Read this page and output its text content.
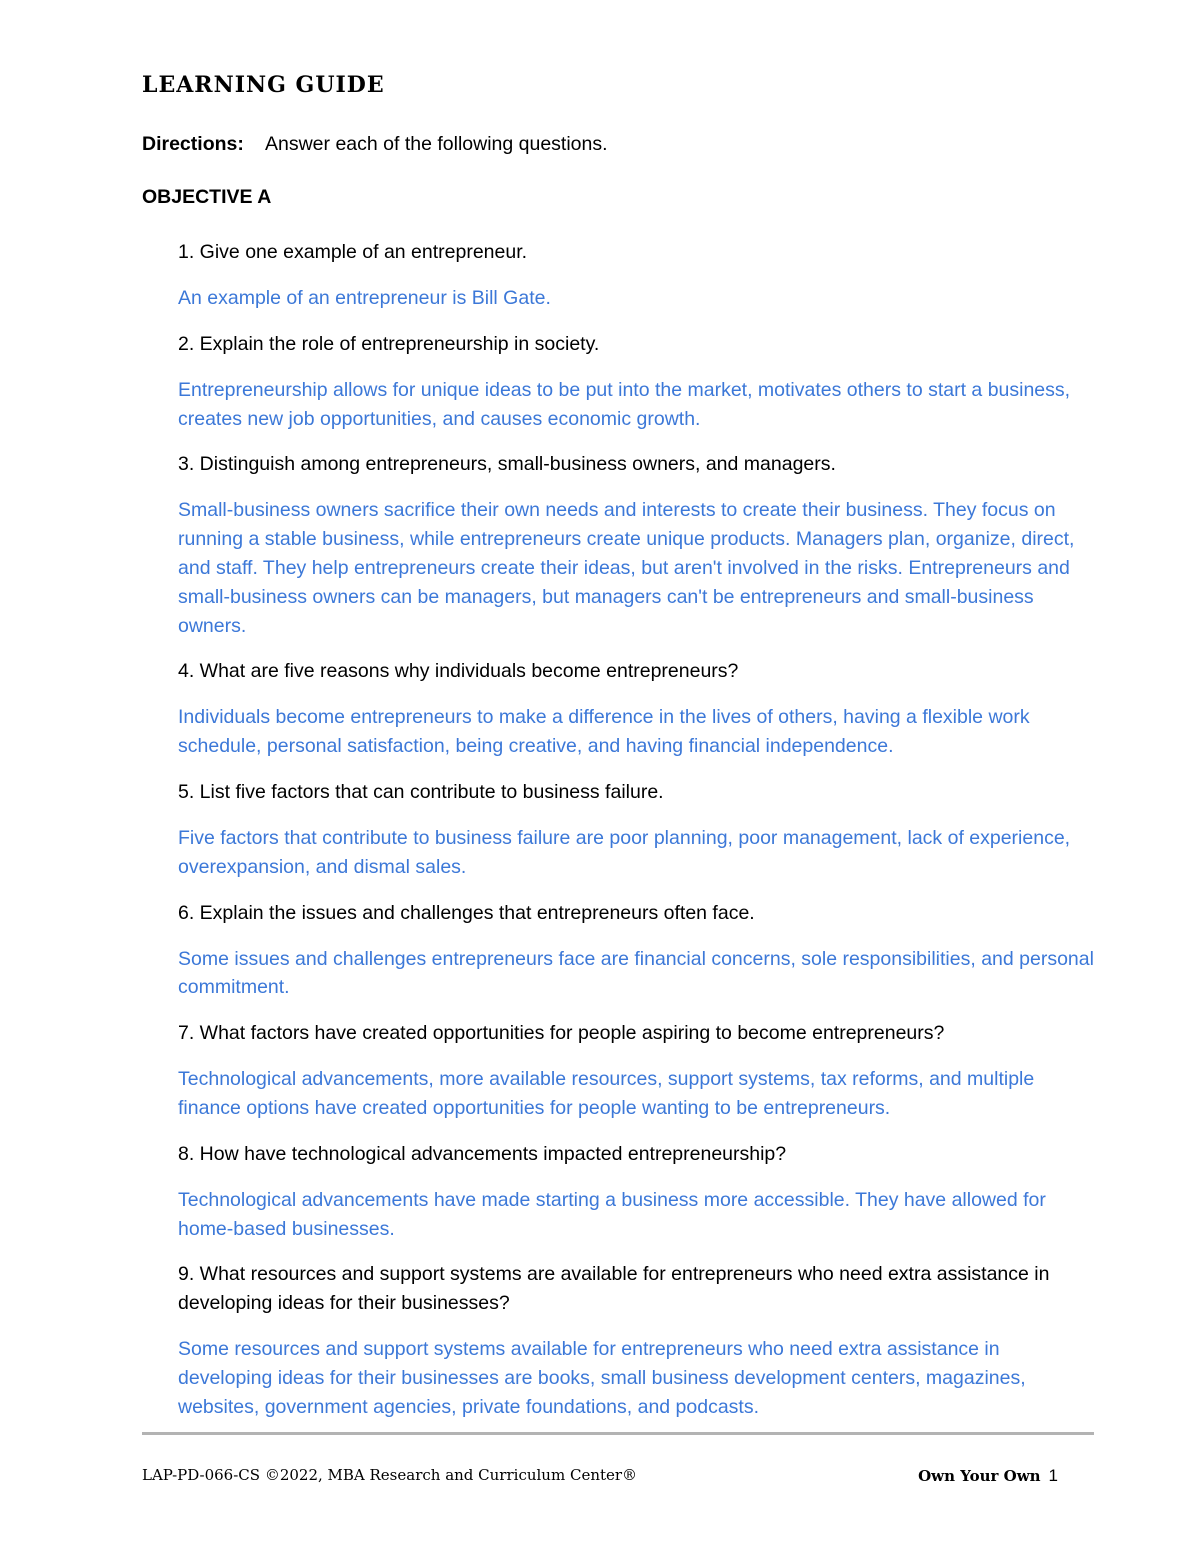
LEARNING GUIDE
Directions: Answer each of the following questions.
OBJECTIVE A

1. Give one example of an entrepreneur.

An example of an entrepreneur is Bill Gate.

2. Explain the role of entrepreneurship in society.

Entrepreneurship allows for unique ideas to be put into the market, motivates others to start a business, creates new job opportunities, and causes economic growth.

3. Distinguish among entrepreneurs, small-business owners, and managers.

Small-business owners sacrifice their own needs and interests to create their business. They focus on running a stable business, while entrepreneurs create unique products. Managers plan, organize, direct, and staff. They help entrepreneurs create their ideas, but aren't involved in the risks. Entrepreneurs and small-business owners can be managers, but managers can't be entrepreneurs and small-business owners.

4. What are five reasons why individuals become entrepreneurs?

Individuals become entrepreneurs to make a difference in the lives of others, having a flexible work schedule, personal satisfaction, being creative, and having financial independence.

5. List five factors that can contribute to business failure.

Five factors that contribute to business failure are poor planning, poor management, lack of experience, overexpansion, and dismal sales.

6. Explain the issues and challenges that entrepreneurs often face.

Some issues and challenges entrepreneurs face are financial concerns, sole responsibilities, and personal commitment.

7. What factors have created opportunities for people aspiring to become entrepreneurs?

Technological advancements, more available resources, support systems, tax reforms, and multiple finance options have created opportunities for people wanting to be entrepreneurs.

8. How have technological advancements impacted entrepreneurship?

Technological advancements have made starting a business more accessible. They have allowed for home-based businesses.

9. What resources and support systems are available for entrepreneurs who need extra assistance in developing ideas for their businesses?

Some resources and support systems available for entrepreneurs who need extra assistance in developing ideas for their businesses are books, small business development centers, magazines, websites, government agencies, private foundations, and podcasts.

LAP-PD-066-CS ©2022, MBA Research and Curriculum Center®	Own Your Own 1
